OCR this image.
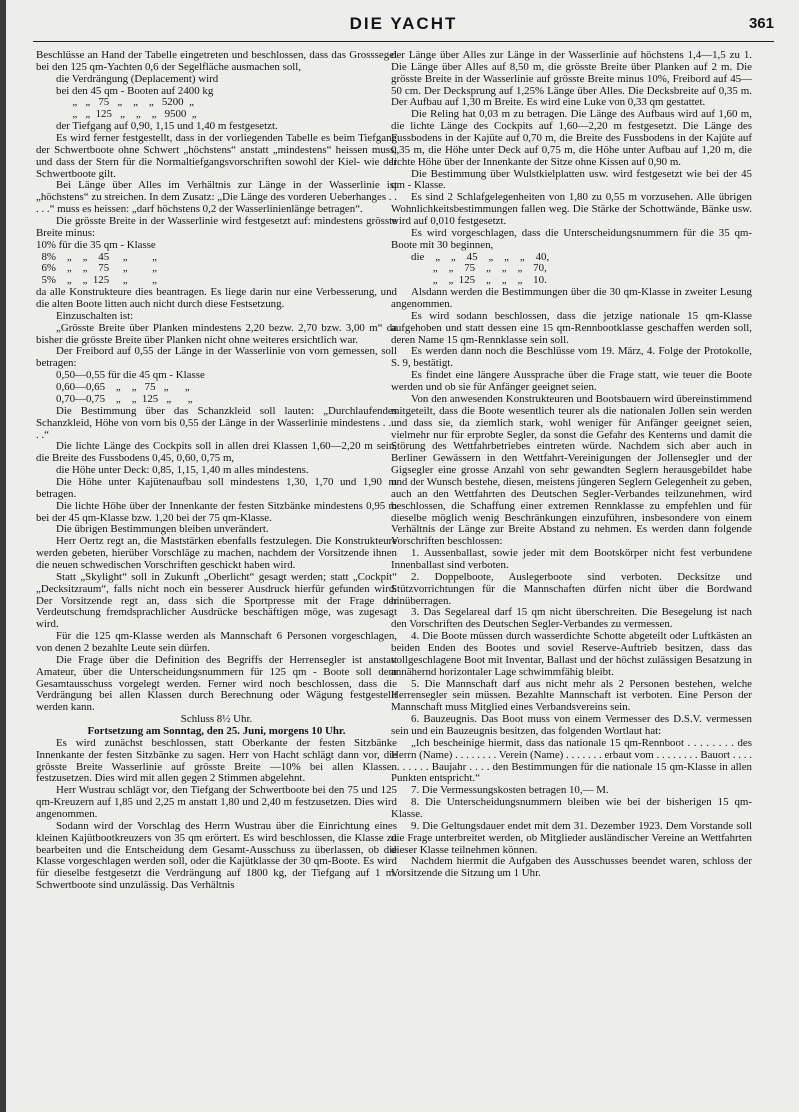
DIE YACHT	361

Beschlüsse an Hand der Tabelle eingetreten und beschlossen, dass das Grosssegel bei den 125 qm-Yachten 0,6 der Segelfläche ausmachen soll,

die Verdrängung (Deplacement) wird

bei den 45 qm - Booten auf 2400 kg

„   „   75   „    „    „   5200  „

„   „  125   „    „    „   9500  „

der Tiefgang auf 0,90, 1,15 und 1,40 m festgesetzt.

Es wird ferner festgestellt, dass in der vorliegenden Tabelle es beim Tiefgang der Schwertboote ohne Schwert „höchstens“ anstatt „mindestens“ heissen muss, und dass der Stern für die Normaltiefgangsvorschriften sowohl der Kiel- wie der Schwertboote gilt.

Bei Länge über Alles im Verhältnis zur Länge in der Wasserlinie ist „höchstens“ zu streichen. In dem Zusatz: „Die Länge des vorderen Ueberhanges . . . . .“ muss es heissen: „darf höchstens 0,2 der Wasserlinienlänge betragen“.

Die grösste Breite in der Wasserlinie wird festgesetzt auf: mindestens grösste Breite minus:

10% für die 35 qm - Klasse

8%    „    „    45     „         „

6%    „    „    75     „         „

5%    „    „  125     „         „

da alle Konstrukteure dies beantragen. Es liege darin nur eine Verbesserung, und die alten Boote litten auch nicht durch diese Festsetzung.

Einzuschalten ist:

„Grösste Breite über Planken mindestens 2,20 bezw. 2,70 bzw. 3,00 m“ da bisher die grösste Breite über Planken nicht ohne weiteres ersichtlich war.

Der Freibord auf 0,55 der Länge in der Wasserlinie von vorn gemessen, soll betragen:

0,50—0,55 für die 45 qm - Klasse

0,60—0,65    „    „   75   „      „

0,70—0,75    „    „  125   „      „

Die Bestimmung über das Schanzkleid soll lauten: „Durchlaufendes Schanzkleid, Höhe von vorn bis 0,55 der Länge in der Wasserlinie mindestens . . . . .“

Die lichte Länge des Cockpits soll in allen drei Klassen 1,60—2,20 m sein, die Breite des Fussbodens 0,45, 0,60, 0,75 m,

die Höhe unter Deck: 0,85, 1,15, 1,40 m alles mindestens.

Die Höhe unter Kajütenaufbau soll mindestens 1,30, 1,70 und 1,90 m betragen.

Die lichte Höhe über der Innenkante der festen Sitzbänke mindestens 0,95 m bei der 45 qm-Klasse bzw. 1,20 bei der 75 qm-Klasse.

Die übrigen Bestimmungen bleiben unverändert.

Herr Oertz regt an, die Maststärken ebenfalls festzulegen. Die Konstrukteure werden gebeten, hierüber Vorschläge zu machen, nachdem der Vorsitzende ihnen die neuen schwedischen Vorschriften geschickt haben wird.

Statt „Skylight“ soll in Zukunft „Oberlicht“ gesagt werden; statt „Cockpit“ „Decksitzraum“, falls nicht noch ein besserer Ausdruck hierfür gefunden wird. Der Vorsitzende regt an, dass sich die Sportpresse mit der Frage der Verdeutschung fremdsprachlicher Ausdrücke beschäftigen möge, was zugesagt wird.

Für die 125 qm-Klasse werden als Mannschaft 6 Personen vorgeschlagen, von denen 2 bezahlte Leute sein dürfen.

Die Frage über die Definition des Begriffs der Herrensegler ist anstatt Amateur, über die Unterscheidungsnummern für 125 qm - Boote soll dem Gesamtausschuss vorgelegt werden. Ferner wird noch beschlossen, dass die Verdrängung bei allen Klassen durch Berechnung oder Wägung festgestellt werden kann.

Schluss 8½ Uhr.

Fortsetzung am Sonntag, den 25. Juni, morgens 10 Uhr.

Es wird zunächst beschlossen, statt Oberkante der festen Sitzbänke Innenkante der festen Sitzbänke zu sagen. Herr von Hacht schlägt dann vor, die grösste Breite Wasserlinie auf grösste Breite —10% bei allen Klassen festzusetzen. Dies wird mit allen gegen 2 Stimmen abgelehnt.

Herr Wustrau schlägt vor, den Tiefgang der Schwertboote bei den 75 und 125 qm-Kreuzern auf 1,85 und 2,25 m anstatt 1,80 und 2,40 m festzusetzen. Dies wird angenommen.

Sodann wird der Vorschlag des Herrn Wustrau über die Einrichtung eines kleinen Kajütbootkreuzers von 35 qm erörtert. Es wird beschlossen, die Klasse zu bearbeiten und die Entscheidung dem Gesamt-Ausschuss zu überlassen, ob die Klasse vorgeschlagen werden soll, oder die Kajütklasse der 30 qm-Boote. Es wird für dieselbe festgesetzt die Verdrängung auf 1800 kg, der Tiefgang auf 1 m. Schwertboote sind unzulässig. Das Verhältnis

der Länge über Alles zur Länge in der Wasserlinie auf höchstens 1,4—1,5 zu 1. Die Länge über Alles auf 8,50 m, die grösste Breite über Planken auf 2 m. Die grösste Breite in der Wasserlinie auf grösste Breite minus 10%, Freibord auf 45—50 cm. Der Decksprung auf 1,25% Länge über Alles. Die Decksbreite auf 0,35 m. Der Aufbau auf 1,30 m Breite. Es wird eine Luke von 0,33 qm gestattet.

Die Reling hat 0,03 m zu betragen. Die Länge des Aufbaus wird auf 1,60 m, die lichte Länge des Cockpits auf 1,60—2,20 m festgesetzt. Die Länge des Fussbodens in der Kajüte auf 0,70 m, die Breite des Fussbodens in der Kajüte auf 0,35 m, die Höhe unter Deck auf 0,75 m, die Höhe unter Aufbau auf 1,20 m, die lichte Höhe über der Innenkante der Sitze ohne Kissen auf 0,90 m.

Die Bestimmung über Wulstkielplatten usw. wird festgesetzt wie bei der 45 qm - Klasse.

Es sind 2 Schlafgelegenheiten von 1,80 zu 0,55 m vorzusehen. Alle übrigen Wohnlichkeitsbestimmungen fallen weg. Die Stärke der Schottwände, Bänke usw. wird auf 0,010 festgesetzt.

Es wird vorgeschlagen, dass die Unterscheidungsnummern für die 35 qm-Boote mit 30 beginnen,

die    „    „    45    „    „    „    40,

„    „    75    „    „    „    70,

„    „  125    „    „    „    10.

Alsdann werden die Bestimmungen über die 30 qm-Klasse in zweiter Lesung angenommen.

Es wird sodann beschlossen, dass die jetzige nationale 15 qm-Klasse aufgehoben und statt dessen eine 15 qm-Rennbootklasse geschaffen werden soll, deren Name 15 qm-Rennklasse sein soll.

Es werden dann noch die Beschlüsse vom 19. März, 4. Folge der Protokolle, S. 9, bestätigt.

Es findet eine längere Aussprache über die Frage statt, wie teuer die Boote werden und ob sie für Anfänger geeignet seien.

Von den anwesenden Konstrukteuren und Bootsbauern wird übereinstimmend mitgeteilt, dass die Boote wesentlich teurer als die nationalen Jollen sein werden und dass sie, da ziemlich stark, wohl weniger für Anfänger geeignet seien, vielmehr nur für erprobte Segler, da sonst die Gefahr des Kenterns und damit die Störung des Wettfahrbetriebes eintreten würde. Nachdem sich aber auch in Berliner Gewässern in den Wettfahrt-Vereinigungen der Jollensegler und der Gigsegler eine grosse Anzahl von sehr gewandten Seglern herausgebildet habe und der Wunsch bestehe, diesen, meistens jüngeren Seglern Gelegenheit zu geben, auch an den Wettfahrten des Deutschen Segler-Verbandes teilzunehmen, wird beschlossen, die Schaffung einer extremen Rennklasse zu empfehlen und für dieselbe möglich wenig Beschränkungen einzuführen, insbesondere von einem Verhältnis der Länge zur Breite Abstand zu nehmen. Es werden dann folgende Vorschriften beschlossen:

1. Aussenballast, sowie jeder mit dem Bootskörper nicht fest verbundene Innenballast sind verboten.

2. Doppelboote, Auslegerboote sind verboten. Decksitze und Stützvorrichtungen für die Mannschaften dürfen nicht über die Bordwand hinüberragen.

3. Das Segelareal darf 15 qm nicht überschreiten. Die Besegelung ist nach den Vorschriften des Deutschen Segler-Verbandes zu vermessen.

4. Die Boote müssen durch wasserdichte Schotte abgeteilt oder Luftkästen an beiden Enden des Bootes und soviel Reserve-Auftrieb besitzen, dass das vollgeschlagene Boot mit Inventar, Ballast und der höchst zulässigen Besatzung in annähernd horizontaler Lage schwimmfähig bleibt.

5. Die Mannschaft darf aus nicht mehr als 2 Personen bestehen, welche Herrensegler sein müssen. Bezahlte Mannschaft ist verboten. Eine Person der Mannschaft muss Mitglied eines Verbandsvereins sein.

6. Bauzeugnis. Das Boot muss von einem Vermesser des D.S.V. vermessen sein und ein Bauzeugnis besitzen, das folgenden Wortlaut hat:

„Ich bescheinige hiermit, dass das nationale 15 qm-Rennboot . . . . . . . . des Herrn (Name) . . . . . . . . Verein (Name) . . . . . . . erbaut vom . . . . . . . . Bauort . . . . . . . . . . . Baujahr . . . . den Bestimmungen für die nationale 15 qm-Klasse in allen Punkten entspricht.“

7. Die Vermessungskosten betragen 10,— M.

8. Die Unterscheidungsnummern bleiben wie bei der bisherigen 15 qm-Klasse.

9. Die Geltungsdauer endet mit dem 31. Dezember 1923. Dem Vorstande soll die Frage unterbreitet werden, ob Mitglieder ausländischer Vereine an Wettfahrten dieser Klasse teilnehmen können.

Nachdem hiermit die Aufgaben des Ausschusses beendet waren, schloss der Vorsitzende die Sitzung um 1 Uhr.
